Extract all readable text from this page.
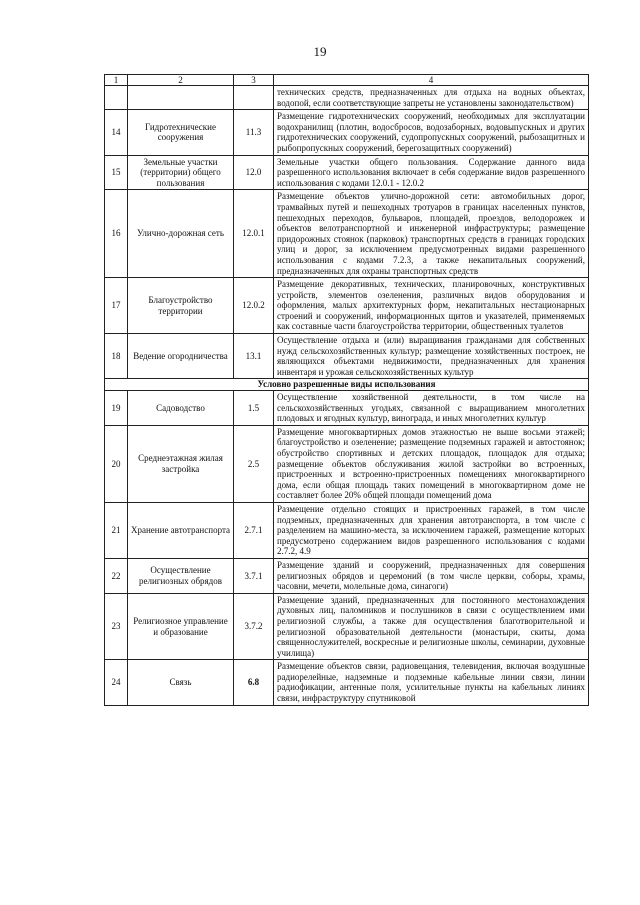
19
1	2	3	4
			технических средств, предназначенных для отдыха на водных объектах, водопой, если соответствующие запреты не установлены законодательством)
14	Гидротехнические сооружения	11.3	Размещение гидротехнических сооружений, необходимых для эксплуатации водохранилищ (плотин, водосбросов, водозаборных, водовыпускных и других гидротехнических сооружений, судопропускных сооружений, рыбозащитных и рыбопропускных сооружений, берегозащитных сооружений)
15	Земельные участки (территории) общего пользования	12.0	Земельные участки общего пользования. Содержание данного вида разрешенного использования включает в себя содержание видов разрешенного использования с кодами 12.0.1 - 12.0.2
16	Улично-дорожная сеть	12.0.1	Размещение объектов улично-дорожной сети: автомобильных дорог, трамвайных путей и пешеходных тротуаров в границах населенных пунктов, пешеходных переходов, бульваров, площадей, проездов, велодорожек и объектов велотранспортной и инженерной инфраструктуры; размещение придорожных стоянок (парковок) транспортных средств в границах городских улиц и дорог, за исключением предусмотренных видами разрешенного использования с кодами 7.2.3, а также некапитальных сооружений, предназначенных для охраны транспортных средств
17	Благоустройство территории	12.0.2	Размещение декоративных, технических, планировочных, конструктивных устройств, элементов озеленения, различных видов оборудования и оформления, малых архитектурных форм, некапитальных нестационарных строений и сооружений, информационных щитов и указателей, применяемых как составные части благоустройства территории, общественных туалетов
18	Ведение огородничества	13.1	Осуществление отдыха и (или) выращивания гражданами для собственных нужд сельскохозяйственных культур; размещение хозяйственных построек, не являющихся объектами недвижимости, предназначенных для хранения инвентаря и урожая сельскохозяйственных культур
Условно разрешенные виды использования			
19	Садоводство	1.5	Осуществление хозяйственной деятельности, в том числе на сельскохозяйственных угодьях, связанной с выращиванием многолетних плодовых и ягодных культур, винограда, и иных многолетних культур
20	Среднеэтажная жилая застройка	2.5	Размещение многоквартирных домов этажностью не выше восьми этажей; благоустройство и озеленение; размещение подземных гаражей и автостоянок; обустройство спортивных и детских площадок, площадок для отдыха; размещение объектов обслуживания жилой застройки во встроенных, пристроенных и встроенно-пристроенных помещениях многоквартирного дома, если общая площадь таких помещений в многоквартирном доме не составляет более 20% общей площади помещений дома
21	Хранение автотранспорта	2.7.1	Размещение отдельно стоящих и пристроенных гаражей, в том числе подземных, предназначенных для хранения автотранспорта, в том числе с разделением на машино-места, за исключением гаражей, размещение которых предусмотрено содержанием видов разрешенного использования с кодами 2.7.2, 4.9
22	Осуществление религиозных обрядов	3.7.1	Размещение зданий и сооружений, предназначенных для совершения религиозных обрядов и церемоний (в том числе церкви, соборы, храмы, часовни, мечети, молельные дома, синагоги)
23	Религиозное управление и образование	3.7.2	Размещение зданий, предназначенных для постоянного местонахождения духовных лиц, паломников и послушников в связи с осуществлением ими религиозной службы, а также для осуществления благотворительной и религиозной образовательной деятельности (монастыри, скиты, дома священнослужителей, воскресные и религиозные школы, семинарии, духовные училища)
24	Связь	6.8	Размещение объектов связи, радиовещания, телевидения, включая воздушные радиорелейные, надземные и подземные кабельные линии связи, линии радиофикации, антенные поля, усилительные пункты на кабельных линиях связи, инфраструктуру спутниковой
